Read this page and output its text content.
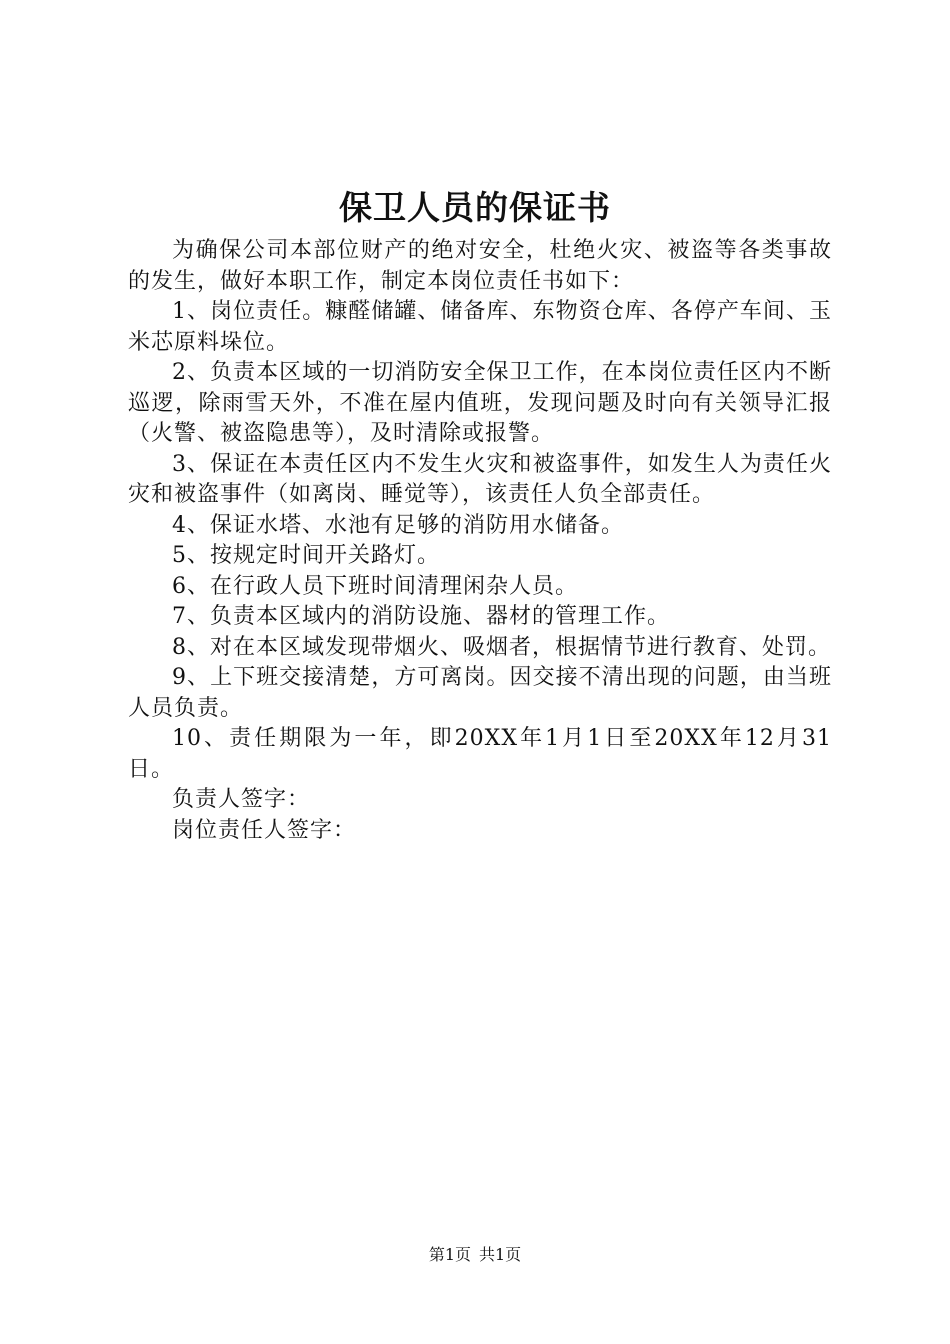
保卫人员的保证书

为确保公司本部位财产的绝对安全，杜绝火灾、被盗等各类事故的发生，做好本职工作，制定本岗位责任书如下：

1、岗位责任。糠醛储罐、储备库、东物资仓库、各停产车间、玉米芯原料垛位。

2、负责本区域的一切消防安全保卫工作，在本岗位责任区内不断巡逻，除雨雪天外，不准在屋内值班，发现问题及时向有关领导汇报（火警、被盗隐患等），及时清除或报警。

3、保证在本责任区内不发生火灾和被盗事件，如发生人为责任火灾和被盗事件（如离岗、睡觉等），该责任人负全部责任。

4、保证水塔、水池有足够的消防用水储备。

5、按规定时间开关路灯。

6、在行政人员下班时间清理闲杂人员。

7、负责本区域内的消防设施、器材的管理工作。

8、对在本区域发现带烟火、吸烟者，根据情节进行教育、处罚。

9、上下班交接清楚，方可离岗。因交接不清出现的问题，由当班人员负责。

10、责任期限为一年，即20XX年1月1日至20XX年12月31日。

负责人签字：

岗位责任人签字：

第1页 共1页
